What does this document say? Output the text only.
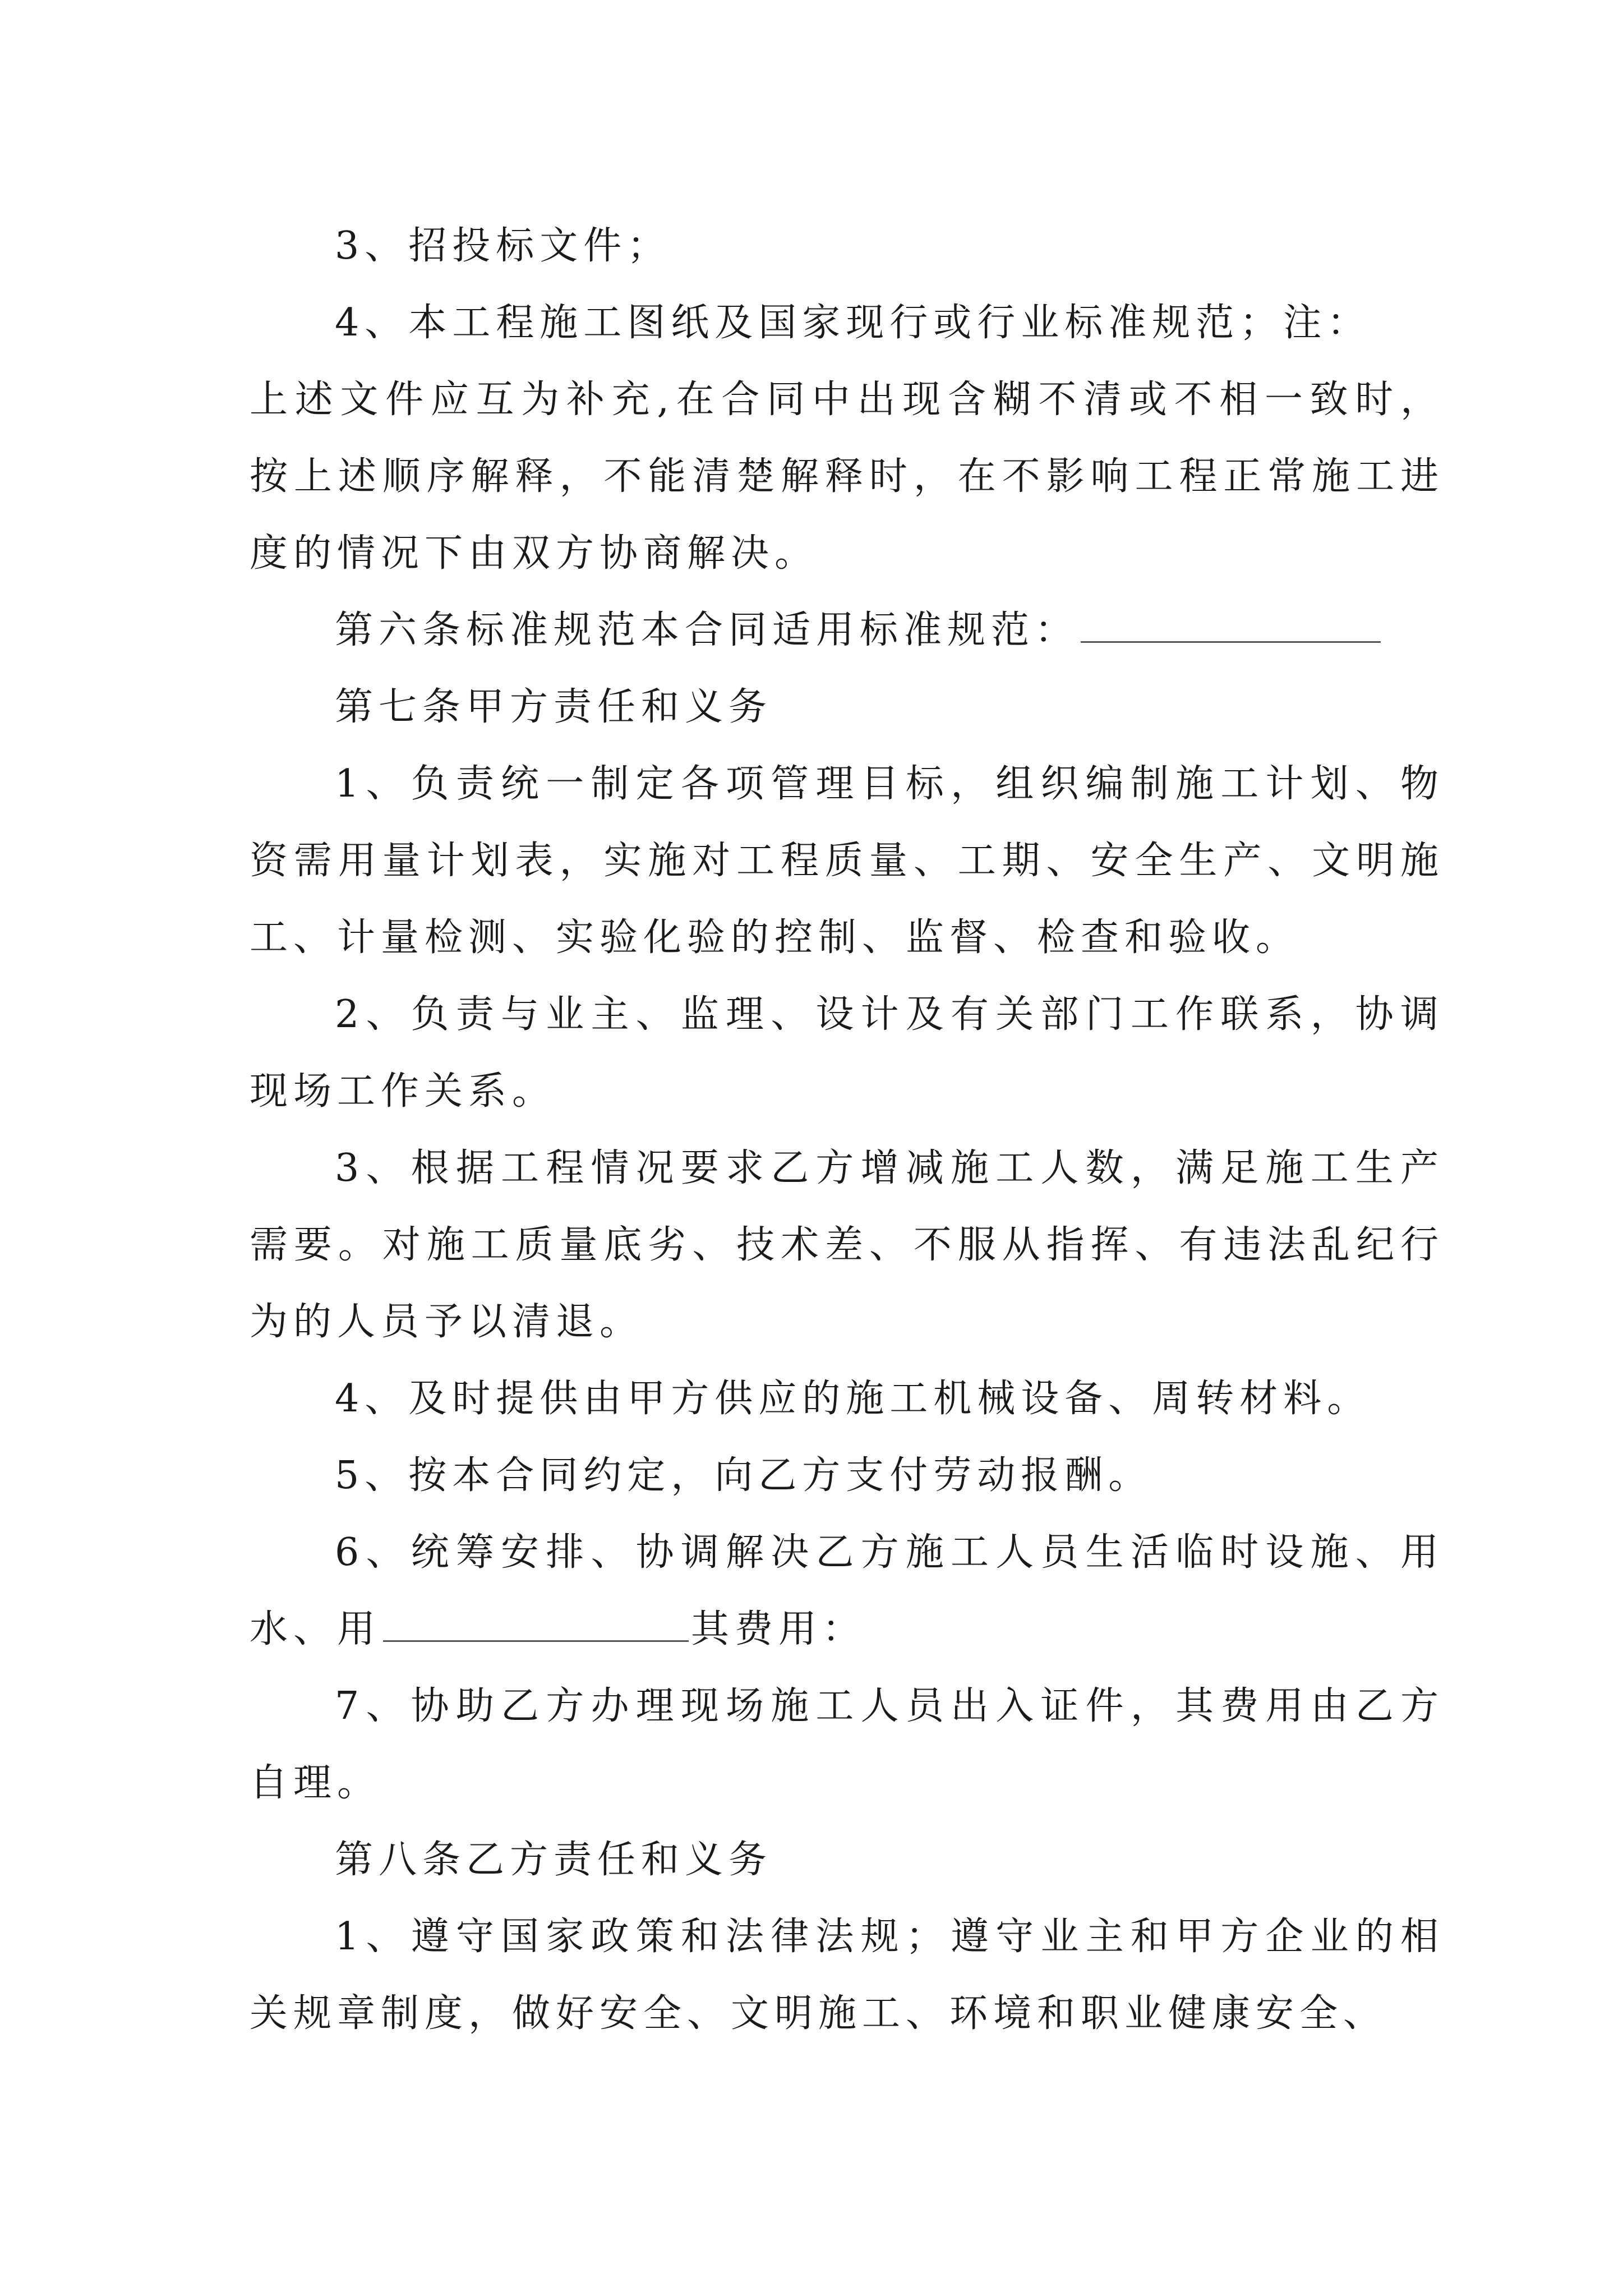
3、招投标文件；

4、本工程施工图纸及国家现行或行业标准规范；注：

上述文件应互为补充,在合同中出现含糊不清或不相一致时，按上述顺序解释，不能清楚解释时，在不影响工程正常施工进度的情况下由双方协商解决。

第六条标准规范本合同适用标准规范：

第七条甲方责任和义务

1、负责统一制定各项管理目标，组织编制施工计划、物资需用量计划表，实施对工程质量、工期、安全生产、文明施工、计量检测、实验化验的控制、监督、检查和验收。

2、负责与业主、监理、设计及有关部门工作联系，协调现场工作关系。

3、根据工程情况要求乙方增减施工人数，满足施工生产需要。对施工质量底劣、技术差、不服从指挥、有违法乱纪行为的人员予以清退。

4、及时提供由甲方供应的施工机械设备、周转材料。

5、按本合同约定，向乙方支付劳动报酬。

6、统筹安排、协调解决乙方施工人员生活临时设施、用水、用	其费用：

7、协助乙方办理现场施工人员出入证件，其费用由乙方自理。

第八条乙方责任和义务

1、遵守国家政策和法律法规；遵守业主和甲方企业的相关规章制度，做好安全、文明施工、环境和职业健康安全、
